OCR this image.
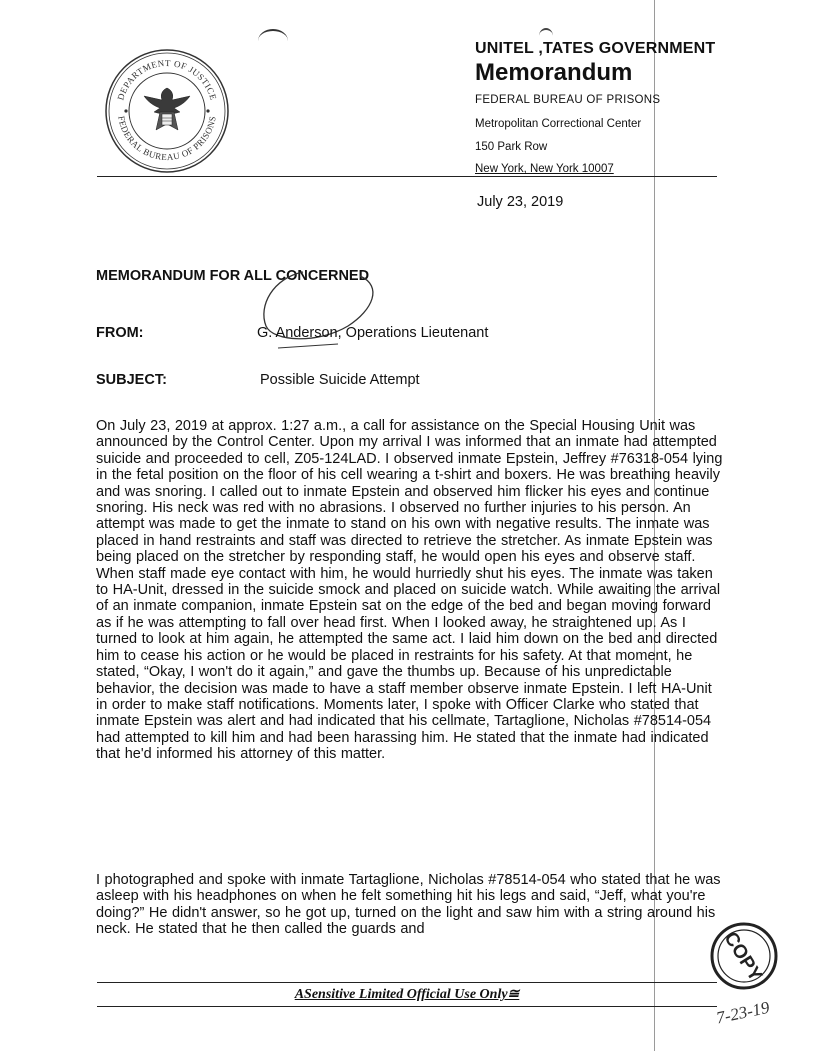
DEPARTMENT OF JUSTICE
FEDERAL BUREAU OF PRISONS
UNITEL ,TATES GOVERNMENT
Memorandum
FEDERAL BUREAU OF PRISONS
Metropolitan Correctional Center
150 Park Row
New York, New York 10007
July 23, 2019
MEMORANDUM FOR ALL CONCERNED
FROM:	G. Anderson, Operations Lieutenant
SUBJECT:	Possible Suicide Attempt

On July 23, 2019 at approx. 1:27 a.m., a call for assistance on the Special Housing Unit was announced by the Control Center. Upon my arrival I was informed that an inmate had attempted suicide and proceeded to cell, Z05-124LAD. I observed inmate Epstein, Jeffrey #76318-054 lying in the fetal position on the floor of his cell wearing a t-shirt and boxers. He was breathing heavily and was snoring. I called out to inmate Epstein and observed him flicker his eyes and continue snoring. His neck was red with no abrasions. I observed no further injuries to his person. An attempt was made to get the inmate to stand on his own with negative results. The inmate was placed in hand restraints and staff was directed to retrieve the stretcher. As inmate Epstein was being placed on the stretcher by responding staff, he would open his eyes and observe staff. When staff made eye contact with him, he would hurriedly shut his eyes. The inmate was taken to HA-Unit, dressed in the suicide smock and placed on suicide watch. While awaiting the arrival of an inmate companion, inmate Epstein sat on the edge of the bed and began moving forward as if he was attempting to fall over head first. When I looked away, he straightened up. As I turned to look at him again, he attempted the same act. I laid him down on the bed and directed him to cease his action or he would be placed in restraints for his safety. At that moment, he stated, “Okay, I won't do it again,” and gave the thumbs up. Because of his unpredictable behavior, the decision was made to have a staff member observe inmate Epstein. I left HA-Unit in order to make staff notifications. Moments later, I spoke with Officer Clarke who stated that inmate Epstein was alert and had indicated that his cellmate, Tartaglione, Nicholas #78514-054 had attempted to kill him and had been harassing him. He stated that the inmate had indicated that he'd informed his attorney of this matter.

I photographed and spoke with inmate Tartaglione, Nicholas #78514-054 who stated that he was asleep with his headphones on when he felt something hit his legs and said, “Jeff, what you're doing?” He didn't answer, so he got up, turned on the light and saw him with a string around his neck. He stated that he then called the guards and

ASensitive Limited Official Use Only≅
COPY
7-23-19
